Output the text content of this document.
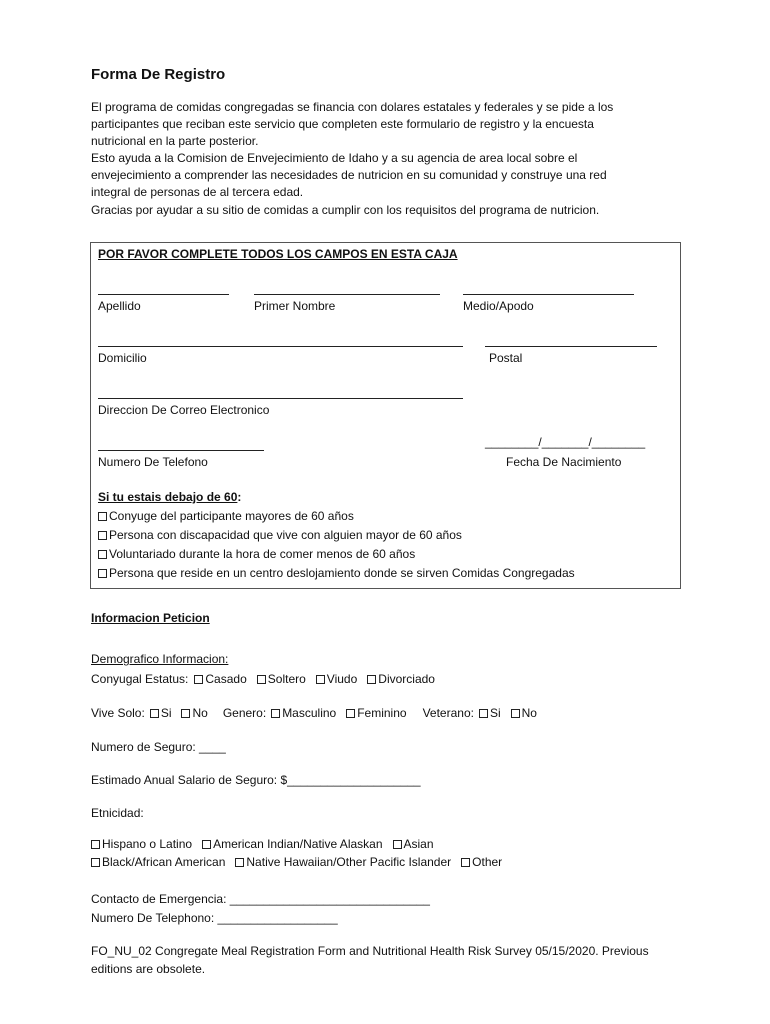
Forma De Registro
El programa de comidas congregadas se financia con dolares estatales y federales y se pide a los
participantes que reciban este servicio que completen este formulario de registro y la encuesta
nutricional en la parte posterior.
Esto ayuda a la Comision de Envejecimiento de Idaho y a su agencia de area local sobre el
envejecimiento a comprender las necesidades de nutricion en su comunidad y construye una red
integral de personas de al tercera edad.
Gracias por ayudar a su sitio de comidas a cumplir con los requisitos del programa de nutricion.
POR FAVOR COMPLETE TODOS LOS CAMPOS EN ESTA CAJA
Apellido	Primer Nombre	Medio/Apodo
Domicilio	Postal
Direccion De Correo Electronico
________/_______/________
Numero De Telefono	Fecha De Nacimiento
Si tu estais debajo de 60:
Conyuge del participante mayores de 60 años
Persona con discapacidad que vive con alguien mayor de 60 años
Voluntariado durante la hora de comer menos de 60 años
Persona que reside en un centro deslojamiento donde se sirven Comidas Congregadas
Informacion Peticion
Demografico Informacion:
Conyugal Estatus: Casado Soltero Viudo Divorciado
Vive Solo: Si No Genero: Masculino Feminino Veterano: Si No
Numero de Seguro: ____
Estimado Anual Salario de Seguro: $____________________
Etnicidad:
Hispano o Latino American Indian/Native Alaskan Asian
Black/African American Native Hawaiian/Other Pacific Islander Other
Contacto de Emergencia: ______________________________
Numero De Telephono: __________________
FO_NU_02 Congregate Meal Registration Form and Nutritional Health Risk Survey 05/15/2020. Previous
editions are obsolete.
